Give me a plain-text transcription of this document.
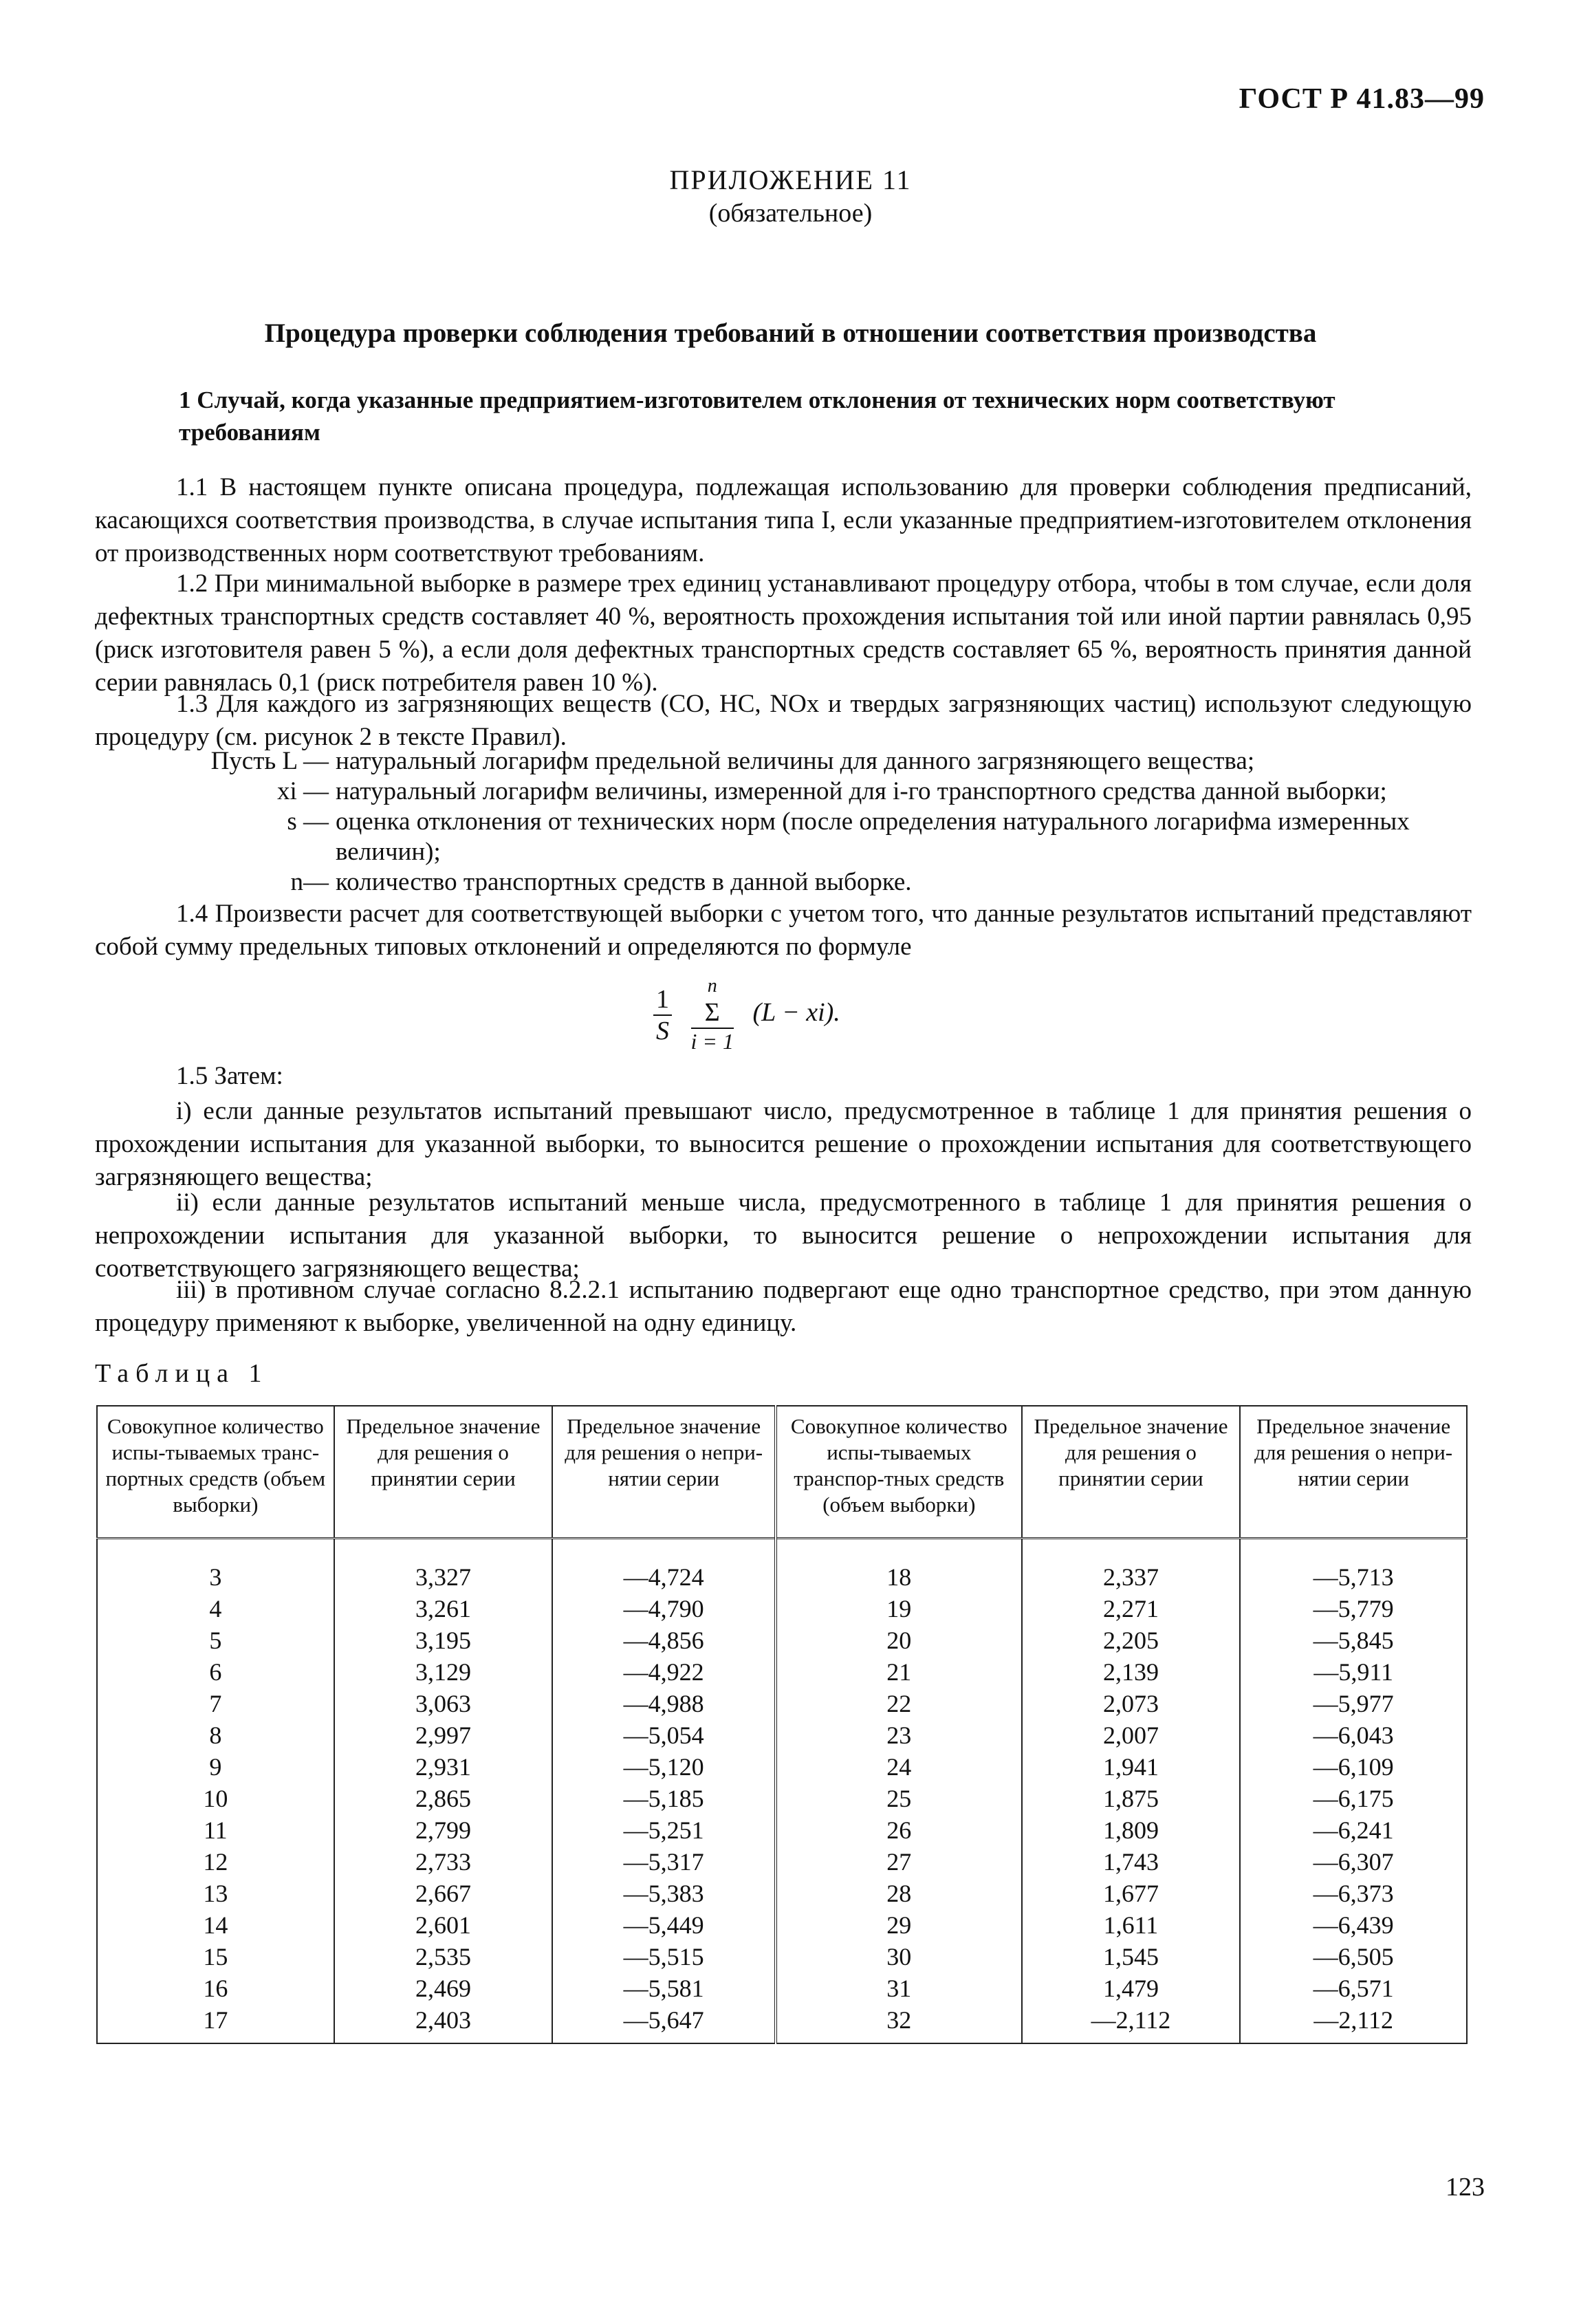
ГОСТ Р 41.83—99
ПРИЛОЖЕНИЕ 11
(обязательное)
Процедура проверки соблюдения требований в отношении соответствия производства
1 Случай, когда указанные предприятием-изготовителем отклонения от технических норм соответствуют требованиям
1.1 В настоящем пункте описана процедура, подлежащая использованию для проверки соблюдения предписаний, касающихся соответствия производства, в случае испытания типа I, если указанные предприятием-изготовителем отклонения от производственных норм соответствуют требованиям.
1.2 При минимальной выборке в размере трех единиц устанавливают процедуру отбора, чтобы в том случае, если доля дефектных транспортных средств составляет 40 %, вероятность прохождения испытания той или иной партии равнялась 0,95 (риск изготовителя равен 5 %), а если доля дефектных транспортных средств составляет 65 %, вероятность принятия данной серии равнялась 0,1 (риск потребителя равен 10 %).
1.3 Для каждого из загрязняющих веществ (СО, НС, NOx и твердых загрязняющих частиц) используют следующую процедуру (см. рисунок 2 в тексте Правил).
Пусть L — натуральный логарифм предельной величины для данного загрязняющего вещества;
xi — натуральный логарифм величины, измеренной для i-го транспортного средства данной выборки;
s — оценка отклонения от технических норм (после определения натурального логарифма измеренных величин);
n— количество транспортных средств в данной выборке.
1.4 Произвести расчет для соответствующей выборки с учетом того, что данные результатов испытаний представляют собой сумму предельных типовых отклонений и определяются по формуле
$\frac{1}{S}$
	n
Σ
i = 1
(L − xi).
1.5 Затем:
i) если данные результатов испытаний превышают число, предусмотренное в таблице 1 для принятия решения о прохождении испытания для указанной выборки, то выносится решение о прохождении испытания для соответствующего загрязняющего вещества;
ii) если данные результатов испытаний меньше числа, предусмотренного в таблице 1 для принятия решения о непрохождении испытания для указанной выборки, то выносится решение о непрохождении испытания для соответствующего загрязняющего вещества;
iii) в противном случае согласно 8.2.2.1 испытанию подвергают еще одно транспортное средство, при этом данную процедуру применяют к выборке, увеличенной на одну единицу.
Таблица 1
Совокупное количество испы-тываемых транс-портных средств (объем выборки)	Предельное значение для решения о принятии серии	Предельное значение для решения о непри-нятии серии	Совокупное количество испы-тываемых транспор-тных средств (объем выборки)	Предельное значение для решения о принятии серии	Предельное значение для решения о непри-нятии серии
3	3,327	—4,724	18	2,337	—5,713
4	3,261	—4,790	19	2,271	—5,779
5	3,195	—4,856	20	2,205	—5,845
6	3,129	—4,922	21	2,139	—5,911
7	3,063	—4,988	22	2,073	—5,977
8	2,997	—5,054	23	2,007	—6,043
9	2,931	—5,120	24	1,941	—6,109
10	2,865	—5,185	25	1,875	—6,175
11	2,799	—5,251	26	1,809	—6,241
12	2,733	—5,317	27	1,743	—6,307
13	2,667	—5,383	28	1,677	—6,373
14	2,601	—5,449	29	1,611	—6,439
15	2,535	—5,515	30	1,545	—6,505
16	2,469	—5,581	31	1,479	—6,571
17	2,403	—5,647	32	—2,112	—2,112
123
